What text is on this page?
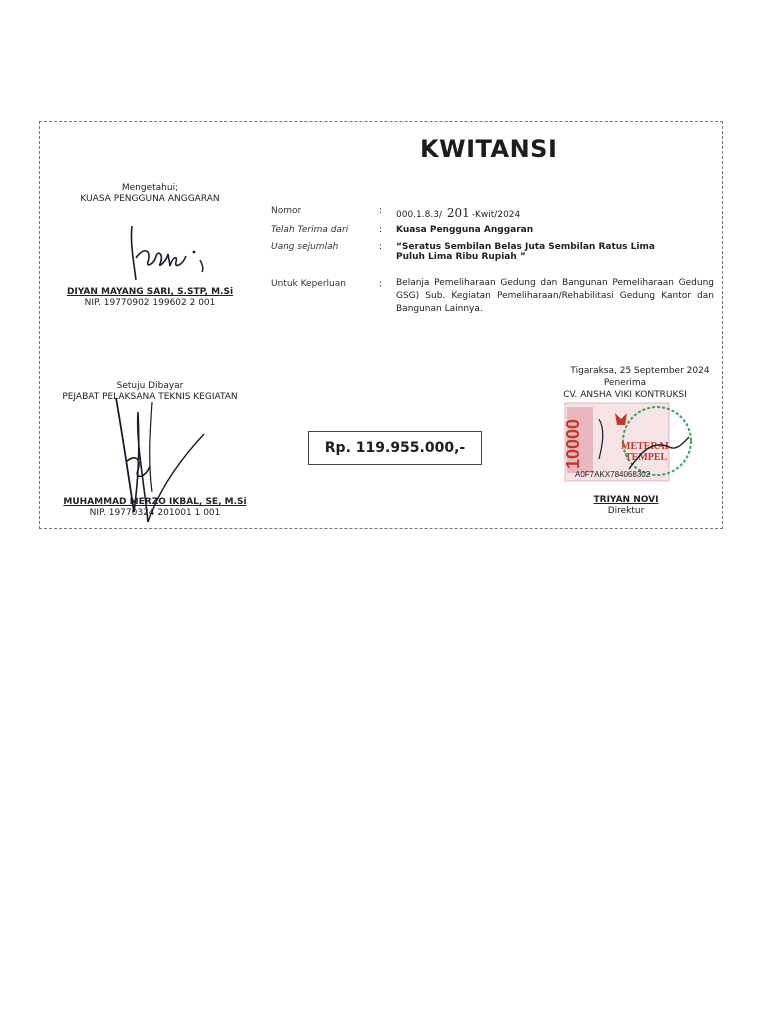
KWITANSI
Mengetahui;
KUASA PENGGUNA ANGGARAN
DIYAN MAYANG SARI, S.STP, M.Si
NIP. 19770902 199602 2 001
Nomor	: 000.1.8.3/ 201 -Kwit/2024
Telah Terima dari	: Kuasa Pengguna Anggaran
Uang sejumlah	: “Seratus Sembilan Belas Juta Sembilan Ratus Lima Puluh Lima Ribu Rupiah ”
Untuk Keperluan	: Belanja Pemeliharaan Gedung dan Bangunan Pemeliharaan Gedung GSG) Sub. Kegiatan Pemeliharaan/Rehabilitasi Gedung Kantor dan Bangunan Lainnya.
Setuju Dibayar
PEJABAT PELAKSANA TEKNIS KEGIATAN
MUHAMMAD MERZO IKBAL, SE, M.Si
NIP. 19770324 201001 1 001
Rp. 119.955.000,-
Tigaraksa, 25 September 2024
Penerima
CV. ANSHA VIKI KONTRUKSI
10000	METERAI
TEMPEL
A0F7AKX784068302
TRIYAN NOVI
Direktur
